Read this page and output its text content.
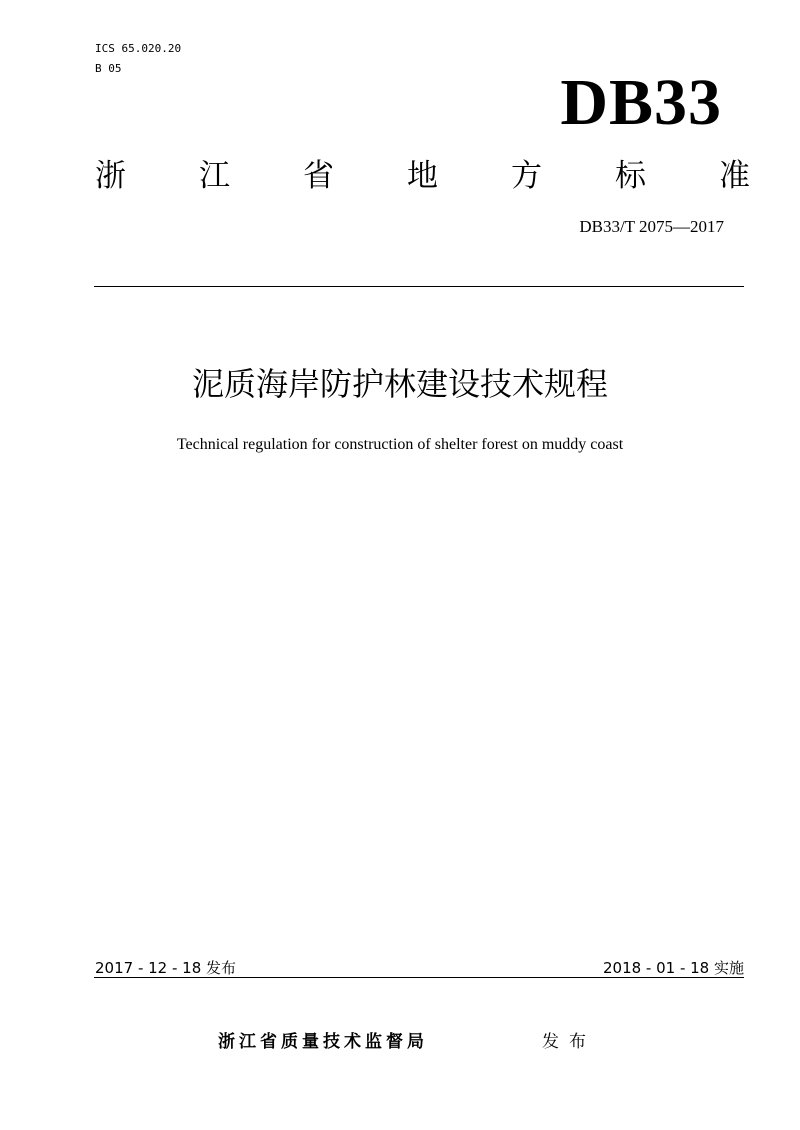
ICS 65.020.20
B 05	DB33
浙 江 省 地 方 标 准
DB33/T 2075—2017
泥质海岸防护林建设技术规程
Technical regulation for construction of shelter forest on muddy coast
2017 - 12 - 18 发布	2018 - 01 - 18 实施
浙江省质量技术监督局	发布
